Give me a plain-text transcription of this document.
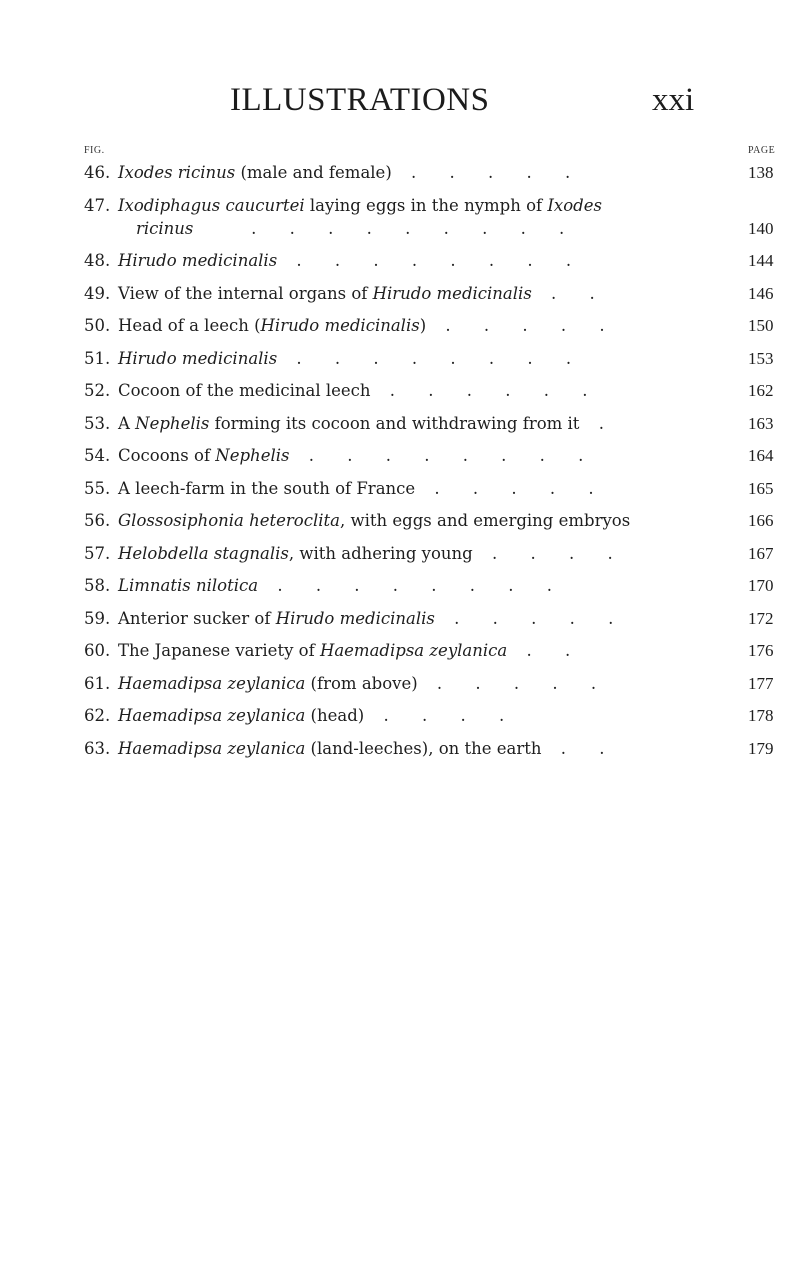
ILLUSTRATIONS	xxi
FIG.	PAGE
46. Ixodes ricinus (male and female) . . . . .	138
47. Ixodiphagus caucurtei laying eggs in the nymph of Ixodes
ricinus   . . . . . . . . .	140
48. Hirudo medicinalis . . . . . . . .	144
49. View of the internal organs of Hirudo medicinalis . .	146
50. Head of a leech (Hirudo medicinalis) . . . . .	150
51. Hirudo medicinalis . . . . . . . .	153
52. Cocoon of the medicinal leech . . . . . .	162
53. A Nephelis forming its cocoon and withdrawing from it .	163
54. Cocoons of Nephelis . . . . . . . .	164
55. A leech-farm in the south of France . . . . .	165
56. Glossosiphonia heteroclita, with eggs and emerging embryos	166
57. Helobdella stagnalis, with adhering young . . . .	167
58. Limnatis nilotica . . . . . . . .	170
59. Anterior sucker of Hirudo medicinalis . . . . .	172
60. The Japanese variety of Haemadipsa zeylanica . .	176
61. Haemadipsa zeylanica (from above) . . . . .	177
62. Haemadipsa zeylanica (head) . . . .	178
63. Haemadipsa zeylanica (land-leeches), on the earth . .	179
